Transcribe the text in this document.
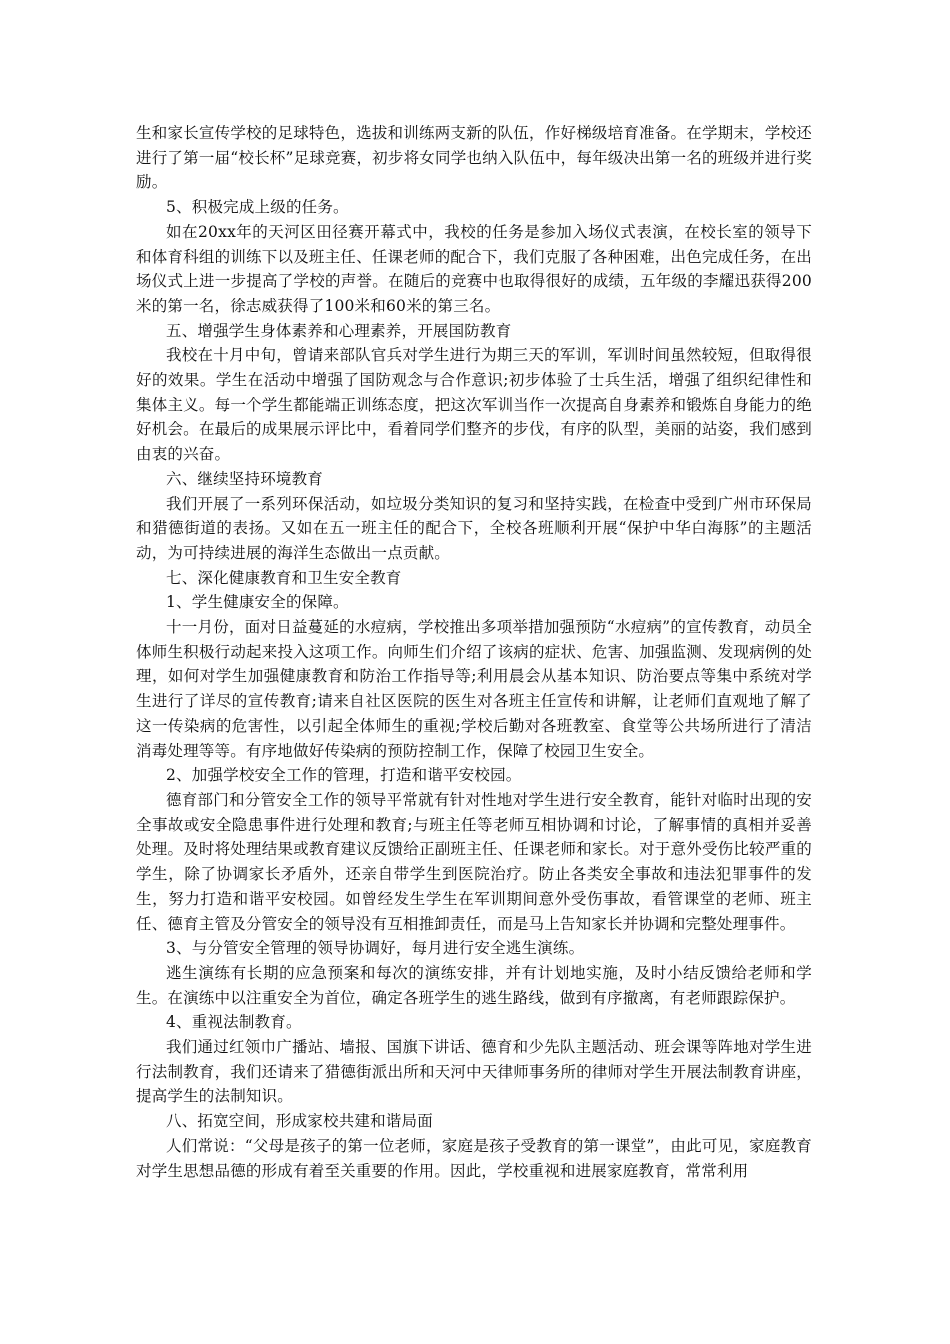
生和家长宣传学校的足球特色，选拔和训练两支新的队伍，作好梯级培育准备。在学期末，学校还进行了第一届“校长杯”足球竞赛，初步将女同学也纳入队伍中，每年级决出第一名的班级并进行奖励。

5、积极完成上级的任务。

如在20xx年的天河区田径赛开幕式中，我校的任务是参加入场仪式表演，在校长室的领导下和体育科组的训练下以及班主任、任课老师的配合下，我们克服了各种困难，出色完成任务，在出场仪式上进一步提高了学校的声誉。在随后的竞赛中也取得很好的成绩，五年级的李耀迅获得200米的第一名，徐志威获得了100米和60米的第三名。

五、增强学生身体素养和心理素养，开展国防教育

我校在十月中旬，曾请来部队官兵对学生进行为期三天的军训，军训时间虽然较短，但取得很好的效果。学生在活动中增强了国防观念与合作意识;初步体验了士兵生活，增强了组织纪律性和集体主义。每一个学生都能端正训练态度，把这次军训当作一次提高自身素养和锻炼自身能力的绝好机会。在最后的成果展示评比中，看着同学们整齐的步伐，有序的队型，美丽的站姿，我们感到由衷的兴奋。

六、继续坚持环境教育

我们开展了一系列环保活动，如垃圾分类知识的复习和坚持实践，在检查中受到广州市环保局和猎德街道的表扬。又如在五一班主任的配合下，全校各班顺利开展“保护中华白海豚”的主题活动，为可持续进展的海洋生态做出一点贡献。

七、深化健康教育和卫生安全教育

1、学生健康安全的保障。

十一月份，面对日益蔓延的水痘病，学校推出多项举措加强预防“水痘病”的宣传教育，动员全体师生积极行动起来投入这项工作。向师生们介绍了该病的症状、危害、加强监测、发现病例的处理，如何对学生加强健康教育和防治工作指导等;利用晨会从基本知识、防治要点等集中系统对学生进行了详尽的宣传教育;请来自社区医院的医生对各班主任宣传和讲解，让老师们直观地了解了这一传染病的危害性，以引起全体师生的重视;学校后勤对各班教室、食堂等公共场所进行了清洁消毒处理等等。有序地做好传染病的预防控制工作，保障了校园卫生安全。

2、加强学校安全工作的管理，打造和谐平安校园。

德育部门和分管安全工作的领导平常就有针对性地对学生进行安全教育，能针对临时出现的安全事故或安全隐患事件进行处理和教育;与班主任等老师互相协调和讨论，了解事情的真相并妥善处理。及时将处理结果或教育建议反馈给正副班主任、任课老师和家长。对于意外受伤比较严重的学生，除了协调家长矛盾外，还亲自带学生到医院治疗。防止各类安全事故和违法犯罪事件的发生，努力打造和谐平安校园。如曾经发生学生在军训期间意外受伤事故，看管课堂的老师、班主任、德育主管及分管安全的领导没有互相推卸责任，而是马上告知家长并协调和完整处理事件。

3、与分管安全管理的领导协调好，每月进行安全逃生演练。

逃生演练有长期的应急预案和每次的演练安排，并有计划地实施，及时小结反馈给老师和学生。在演练中以注重安全为首位，确定各班学生的逃生路线，做到有序撤离，有老师跟踪保护。

4、重视法制教育。

我们通过红领巾广播站、墙报、国旗下讲话、德育和少先队主题活动、班会课等阵地对学生进行法制教育，我们还请来了猎德街派出所和天河中天律师事务所的律师对学生开展法制教育讲座，提高学生的法制知识。

八、拓宽空间，形成家校共建和谐局面

人们常说：“父母是孩子的第一位老师，家庭是孩子受教育的第一课堂”，由此可见，家庭教育对学生思想品德的形成有着至关重要的作用。因此，学校重视和进展家庭教育，常常利用
